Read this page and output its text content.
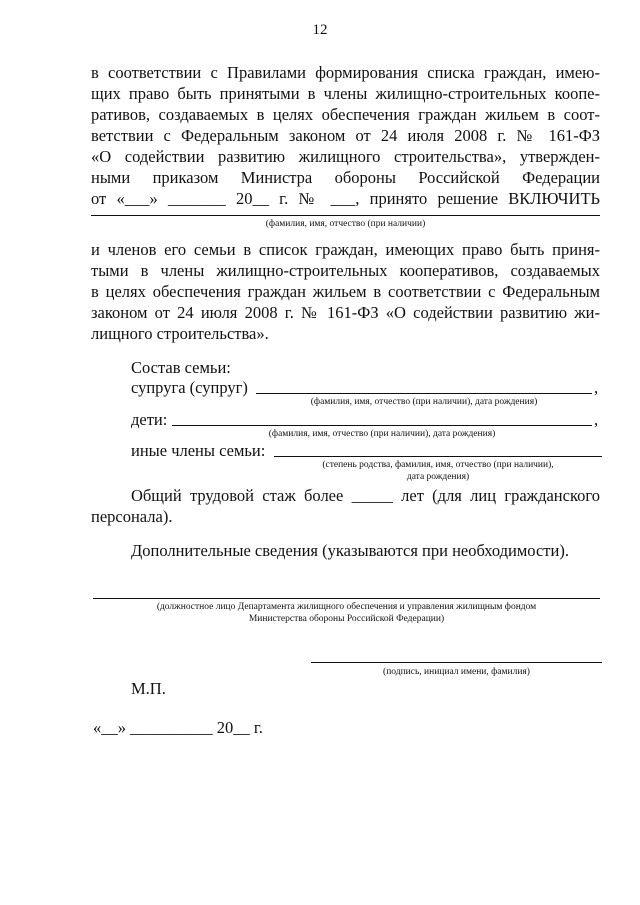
12
в соответствии с Правилами формирования списка граждан, имею-
щих право быть принятыми в члены жилищно-строительных коопе-
ративов, создаваемых в целях обеспечения граждан жильем в соот-
ветствии с Федеральным законом от 24 июля 2008 г. № 161-ФЗ
«О содействии развитию жилищного строительства», утвержден-
ными приказом Министра обороны Российской Федерации
от «___» _______ 20__ г. № ___, принято решение ВКЛЮЧИТЬ
(фамилия, имя, отчество (при наличии)
и членов его семьи в список граждан, имеющих право быть приня-
тыми в члены жилищно-строительных кооперативов, создаваемых
в целях обеспечения граждан жильем в соответствии с Федеральным
законом от 24 июля 2008 г. № 161-ФЗ «О содействии развитию жи-
лищного строительства».
Состав семьи:
супруга (супруг)	,
(фамилия, имя, отчество (при наличии), дата рождения)
дети:	,
(фамилия, имя, отчество (при наличии), дата рождения)
иные члены семьи:
(степень родства, фамилия, имя, отчество (при наличии),
дата рождения)
Общий трудовой стаж более _____ лет (для лиц гражданского
персонала).
Дополнительные сведения (указываются при необходимости).
(должностное лицо Департамента жилищного обеспечения и управления жилищным фондом
Министерства обороны Российской Федерации)
(подпись, инициал имени, фамилия)
М.П.
«__» __________ 20__ г.
